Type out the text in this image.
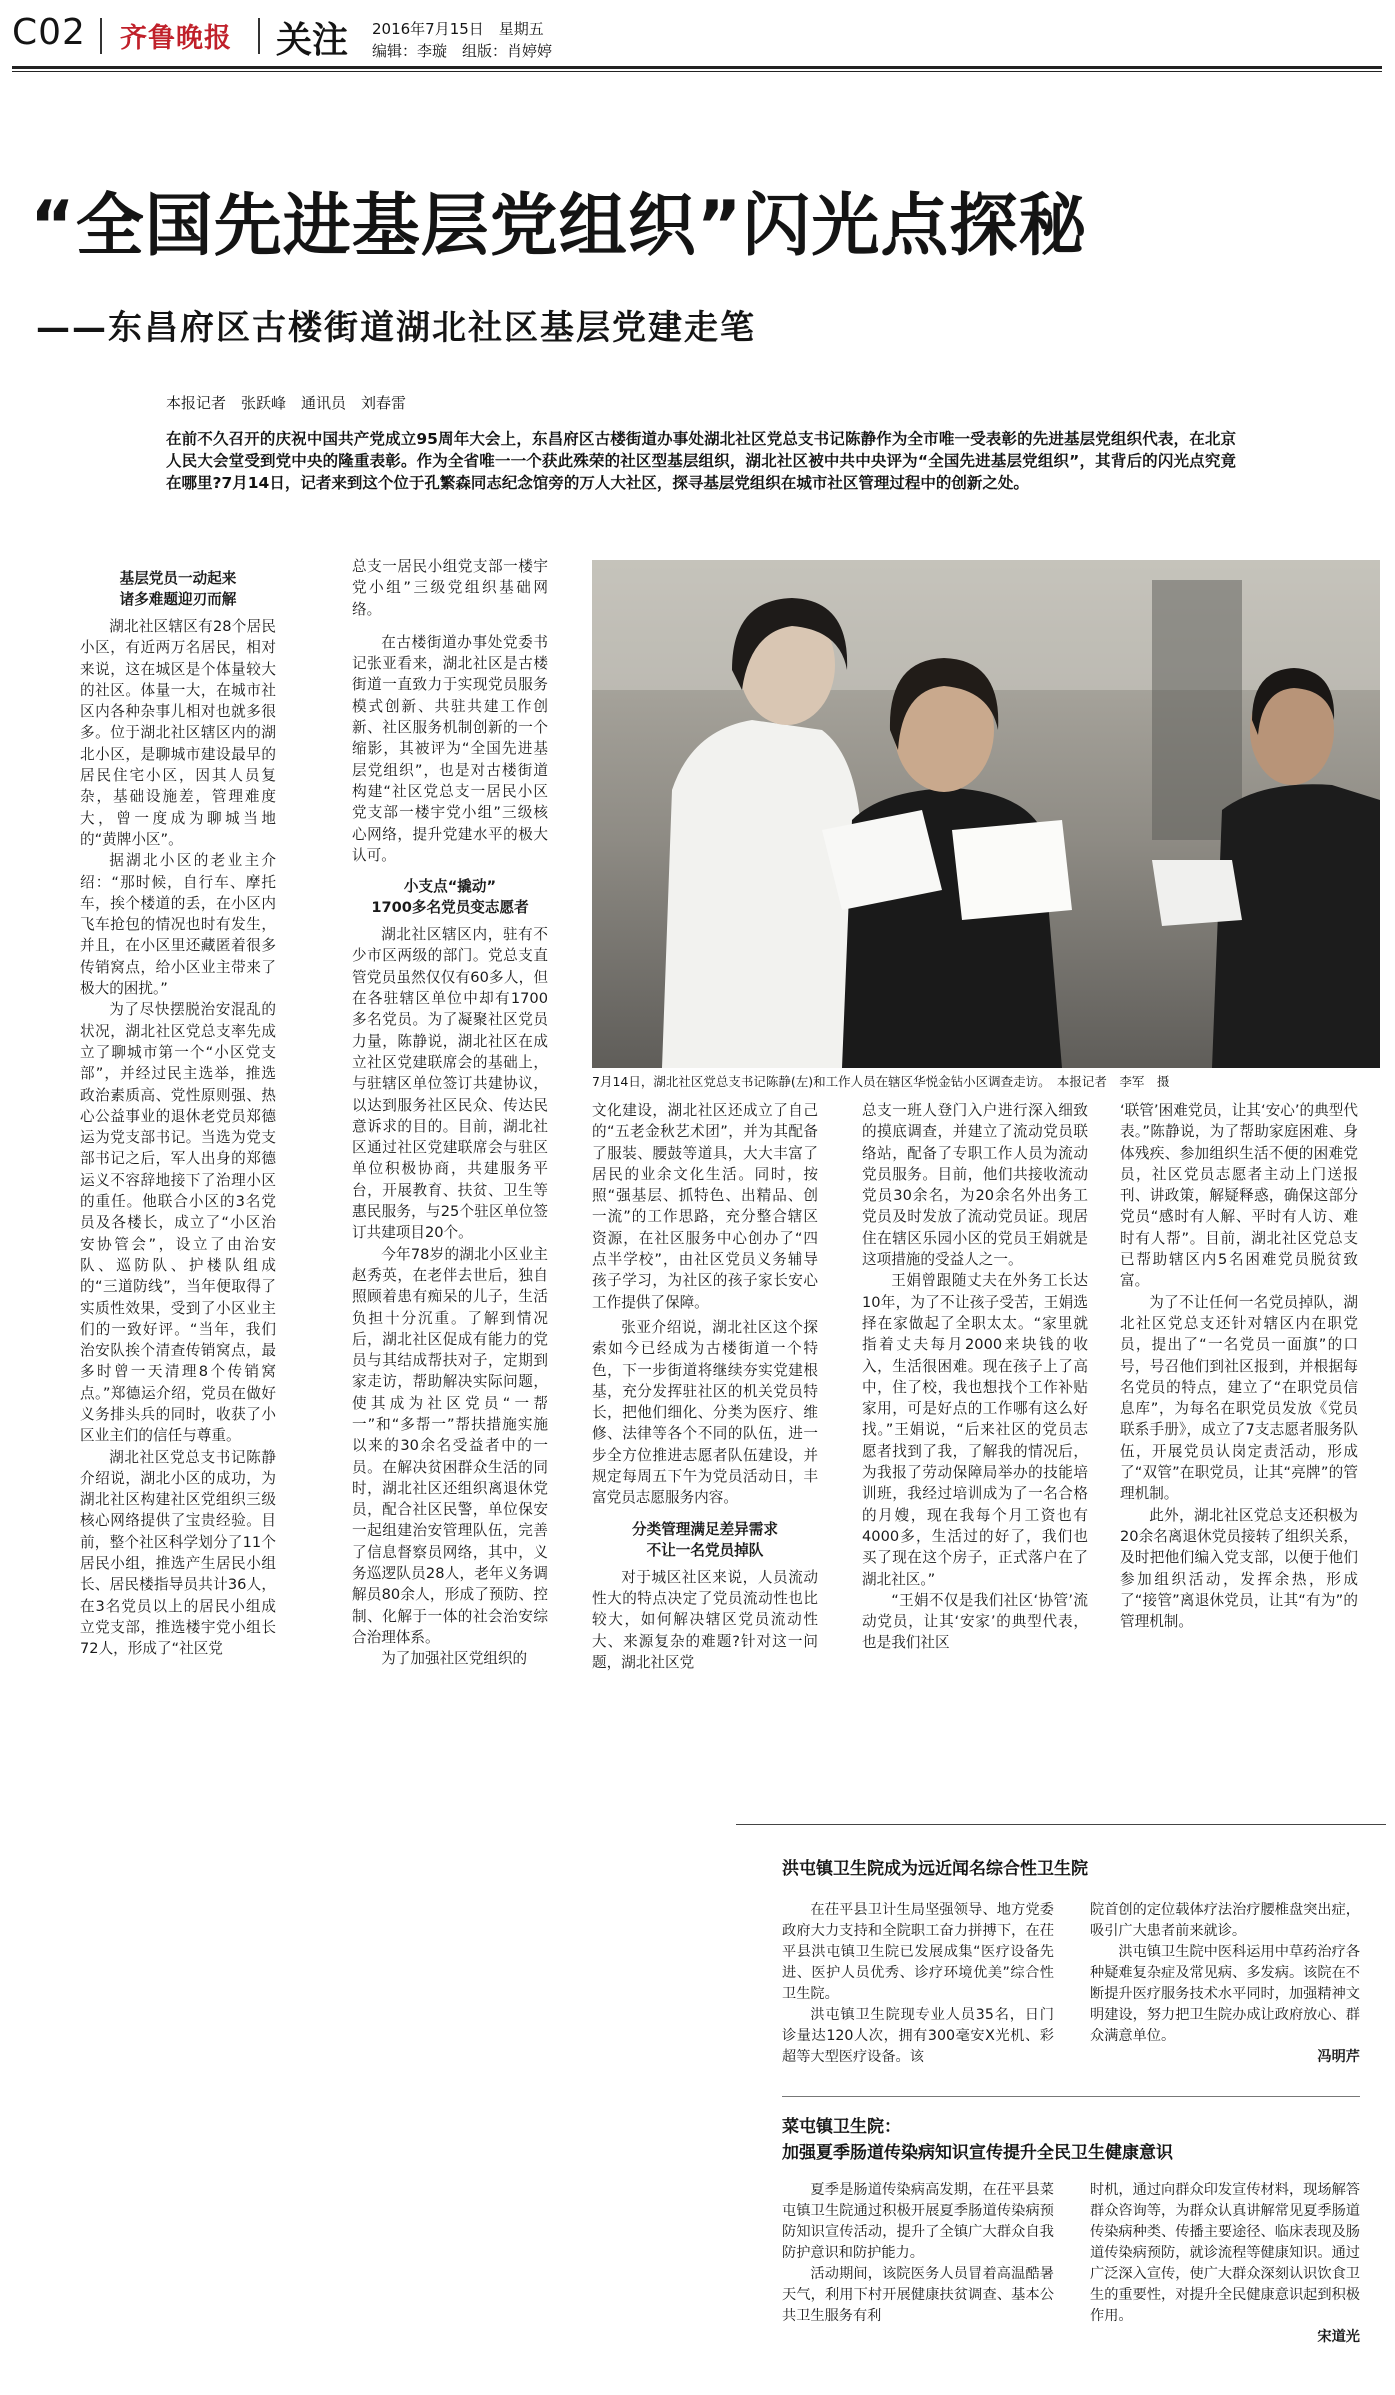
C02 齐鲁晚报 关注 2016年7月15日　星期五
编辑：李璇　组版：肖婷婷
“全国先进基层党组织”闪光点探秘
——东昌府区古楼街道湖北社区基层党建走笔
本报记者　张跃峰　通讯员　刘春雷
在前不久召开的庆祝中国共产党成立95周年大会上，东昌府区古楼街道办事处湖北社区党总支书记陈静作为全市唯一受表彰的先进基层党组织代表，在北京人民大会堂受到党中央的隆重表彰。作为全省唯一一个获此殊荣的社区型基层组织，湖北社区被中共中央评为“全国先进基层党组织”，其背后的闪光点究竟在哪里?7月14日，记者来到这个位于孔繁森同志纪念馆旁的万人大社区，探寻基层党组织在城市社区管理过程中的创新之处。
基层党员一动起来
诸多难题迎刃而解

湖北社区辖区有28个居民小区，有近两万名居民，相对来说，这在城区是个体量较大的社区。体量一大，在城市社区内各种杂事儿相对也就多很多。位于湖北社区辖区内的湖北小区，是聊城市建设最早的居民住宅小区，因其人员复杂，基础设施差，管理难度大，曾一度成为聊城当地的“黄牌小区”。

据湖北小区的老业主介绍：“那时候，自行车、摩托车，挨个楼道的丢，在小区内飞车抢包的情况也时有发生，并且，在小区里还藏匿着很多传销窝点，给小区业主带来了极大的困扰。”

为了尽快摆脱治安混乱的状况，湖北社区党总支率先成立了聊城市第一个“小区党支部”，并经过民主选举，推选政治素质高、党性原则强、热心公益事业的退休老党员郑德运为党支部书记。当选为党支部书记之后，军人出身的郑德运义不容辞地接下了治理小区的重任。他联合小区的3名党员及各楼长，成立了“小区治安协管会”，设立了由治安队、巡防队、护楼队组成的“三道防线”，当年便取得了实质性效果，受到了小区业主们的一致好评。“当年，我们治安队挨个清查传销窝点，最多时曾一天清理8个传销窝点。”郑德运介绍，党员在做好义务排头兵的同时，收获了小区业主们的信任与尊重。

湖北社区党总支书记陈静介绍说，湖北小区的成功，为湖北社区构建社区党组织三级核心网络提供了宝贵经验。目前，整个社区科学划分了11个居民小组，推选产生居民小组长、居民楼指导员共计36人，在3名党员以上的居民小组成立党支部，推选楼宇党小组长72人，形成了“社区党

总支一居民小组党支部一楼宇党小组”三级党组织基础网络。

在古楼街道办事处党委书记张亚看来，湖北社区是古楼街道一直致力于实现党员服务模式创新、共驻共建工作创新、社区服务机制创新的一个缩影，其被评为“全国先进基层党组织”，也是对古楼街道构建“社区党总支一居民小区党支部一楼宇党小组”三级核心网络，提升党建水平的极大认可。

小支点“撬动”
1700多名党员变志愿者

湖北社区辖区内，驻有不少市区两级的部门。党总支直管党员虽然仅仅有60多人，但在各驻辖区单位中却有1700多名党员。为了凝聚社区党员力量，陈静说，湖北社区在成立社区党建联席会的基础上，与驻辖区单位签订共建协议，以达到服务社区民众、传达民意诉求的目的。目前，湖北社区通过社区党建联席会与驻区单位积极协商，共建服务平台，开展教育、扶贫、卫生等惠民服务，与25个驻区单位签订共建项目20个。

今年78岁的湖北小区业主赵秀英，在老伴去世后，独自照顾着患有痴呆的儿子，生活负担十分沉重。了解到情况后，湖北社区促成有能力的党员与其结成帮扶对子，定期到家走访，帮助解决实际问题，使其成为社区党员“一帮一”和“多帮一”帮扶措施实施以来的30余名受益者中的一员。在解决贫困群众生活的同时，湖北社区还组织离退休党员，配合社区民警，单位保安一起组建治安管理队伍，完善了信息督察员网络，其中，义务巡逻队员28人，老年义务调解员80余人，形成了预防、控制、化解于一体的社会治安综合治理体系。

为了加强社区党组织的

7月14日，湖北社区党总支书记陈静(左)和工作人员在辖区华悦金钻小区调查走访。　本报记者　李军　摄

文化建设，湖北社区还成立了自己的“五老金秋艺术团”，并为其配备了服装、腰鼓等道具，大大丰富了居民的业余文化生活。同时，按照“强基层、抓特色、出精品、创一流”的工作思路，充分整合辖区资源，在社区服务中心创办了“四点半学校”，由社区党员义务辅导孩子学习，为社区的孩子家长安心工作提供了保障。

张亚介绍说，湖北社区这个探索如今已经成为古楼街道一个特色，下一步街道将继续夯实党建根基，充分发挥驻社区的机关党员特长，把他们细化、分类为医疗、维修、法律等各个不同的队伍，进一步全方位推进志愿者队伍建设，并规定每周五下午为党员活动日，丰富党员志愿服务内容。

分类管理满足差异需求
不让一名党员掉队

对于城区社区来说，人员流动性大的特点决定了党员流动性也比较大，如何解决辖区党员流动性大、来源复杂的难题?针对这一问题，湖北社区党

总支一班人登门入户进行深入细致的摸底调查，并建立了流动党员联络站，配备了专职工作人员为流动党员服务。目前，他们共接收流动党员30余名，为20余名外出务工党员及时发放了流动党员证。现居住在辖区乐园小区的党员王娟就是这项措施的受益人之一。

王娟曾跟随丈夫在外务工长达10年，为了不让孩子受苦，王娟选择在家做起了全职太太。“家里就指着丈夫每月2000来块钱的收入，生活很困难。现在孩子上了高中，住了校，我也想找个工作补贴家用，可是好点的工作哪有这么好找。”王娟说，“后来社区的党员志愿者找到了我，了解我的情况后，为我报了劳动保障局举办的技能培训班，我经过培训成为了一名合格的月嫂，现在我每个月工资也有4000多，生活过的好了，我们也买了现在这个房子，正式落户在了湖北社区。”

“王娟不仅是我们社区‘协管’流动党员，让其‘安家’的典型代表，也是我们社区

‘联管’困难党员，让其‘安心’的典型代表。”陈静说，为了帮助家庭困难、身体残疾、参加组织生活不便的困难党员，社区党员志愿者主动上门送报刊、讲政策，解疑释惑，确保这部分党员“感时有人解、平时有人访、难时有人帮”。目前，湖北社区党总支已帮助辖区内5名困难党员脱贫致富。

为了不让任何一名党员掉队，湖北社区党总支还针对辖区内在职党员，提出了“一名党员一面旗”的口号，号召他们到社区报到，并根据每名党员的特点，建立了“在职党员信息库”，为每名在职党员发放《党员联系手册》，成立了7支志愿者服务队伍，开展党员认岗定责活动，形成了“双管”在职党员，让其“亮牌”的管理机制。

此外，湖北社区党总支还积极为20余名离退休党员接转了组织关系，及时把他们编入党支部，以便于他们参加组织活动，发挥余热，形成了“接管”离退休党员，让其“有为”的管理机制。

洪屯镇卫生院成为远近闻名综合性卫生院

在茌平县卫计生局坚强领导、地方党委政府大力支持和全院职工奋力拼搏下，在茌平县洪屯镇卫生院已发展成集“医疗设备先进、医护人员优秀、诊疗环境优美”综合性卫生院。

洪屯镇卫生院现专业人员35名，日门诊量达120人次，拥有300毫安X光机、彩超等大型医疗设备。该

院首创的定位载体疗法治疗腰椎盘突出症，吸引广大患者前来就诊。

洪屯镇卫生院中医科运用中草药治疗各种疑难复杂症及常见病、多发病。该院在不断提升医疗服务技术水平同时，加强精神文明建设，努力把卫生院办成让政府放心、群众满意单位。

冯明芹
菜屯镇卫生院：
加强夏季肠道传染病知识宣传提升全民卫生健康意识

夏季是肠道传染病高发期，在茌平县菜屯镇卫生院通过积极开展夏季肠道传染病预防知识宣传活动，提升了全镇广大群众自我防护意识和防护能力。

活动期间，该院医务人员冒着高温酷暑天气，利用下村开展健康扶贫调查、基本公共卫生服务有利

时机，通过向群众印发宣传材料，现场解答群众咨询等，为群众认真讲解常见夏季肠道传染病种类、传播主要途径、临床表现及肠道传染病预防，就诊流程等健康知识。通过广泛深入宣传，使广大群众深刻认识饮食卫生的重要性，对提升全民健康意识起到积极作用。

宋道光
